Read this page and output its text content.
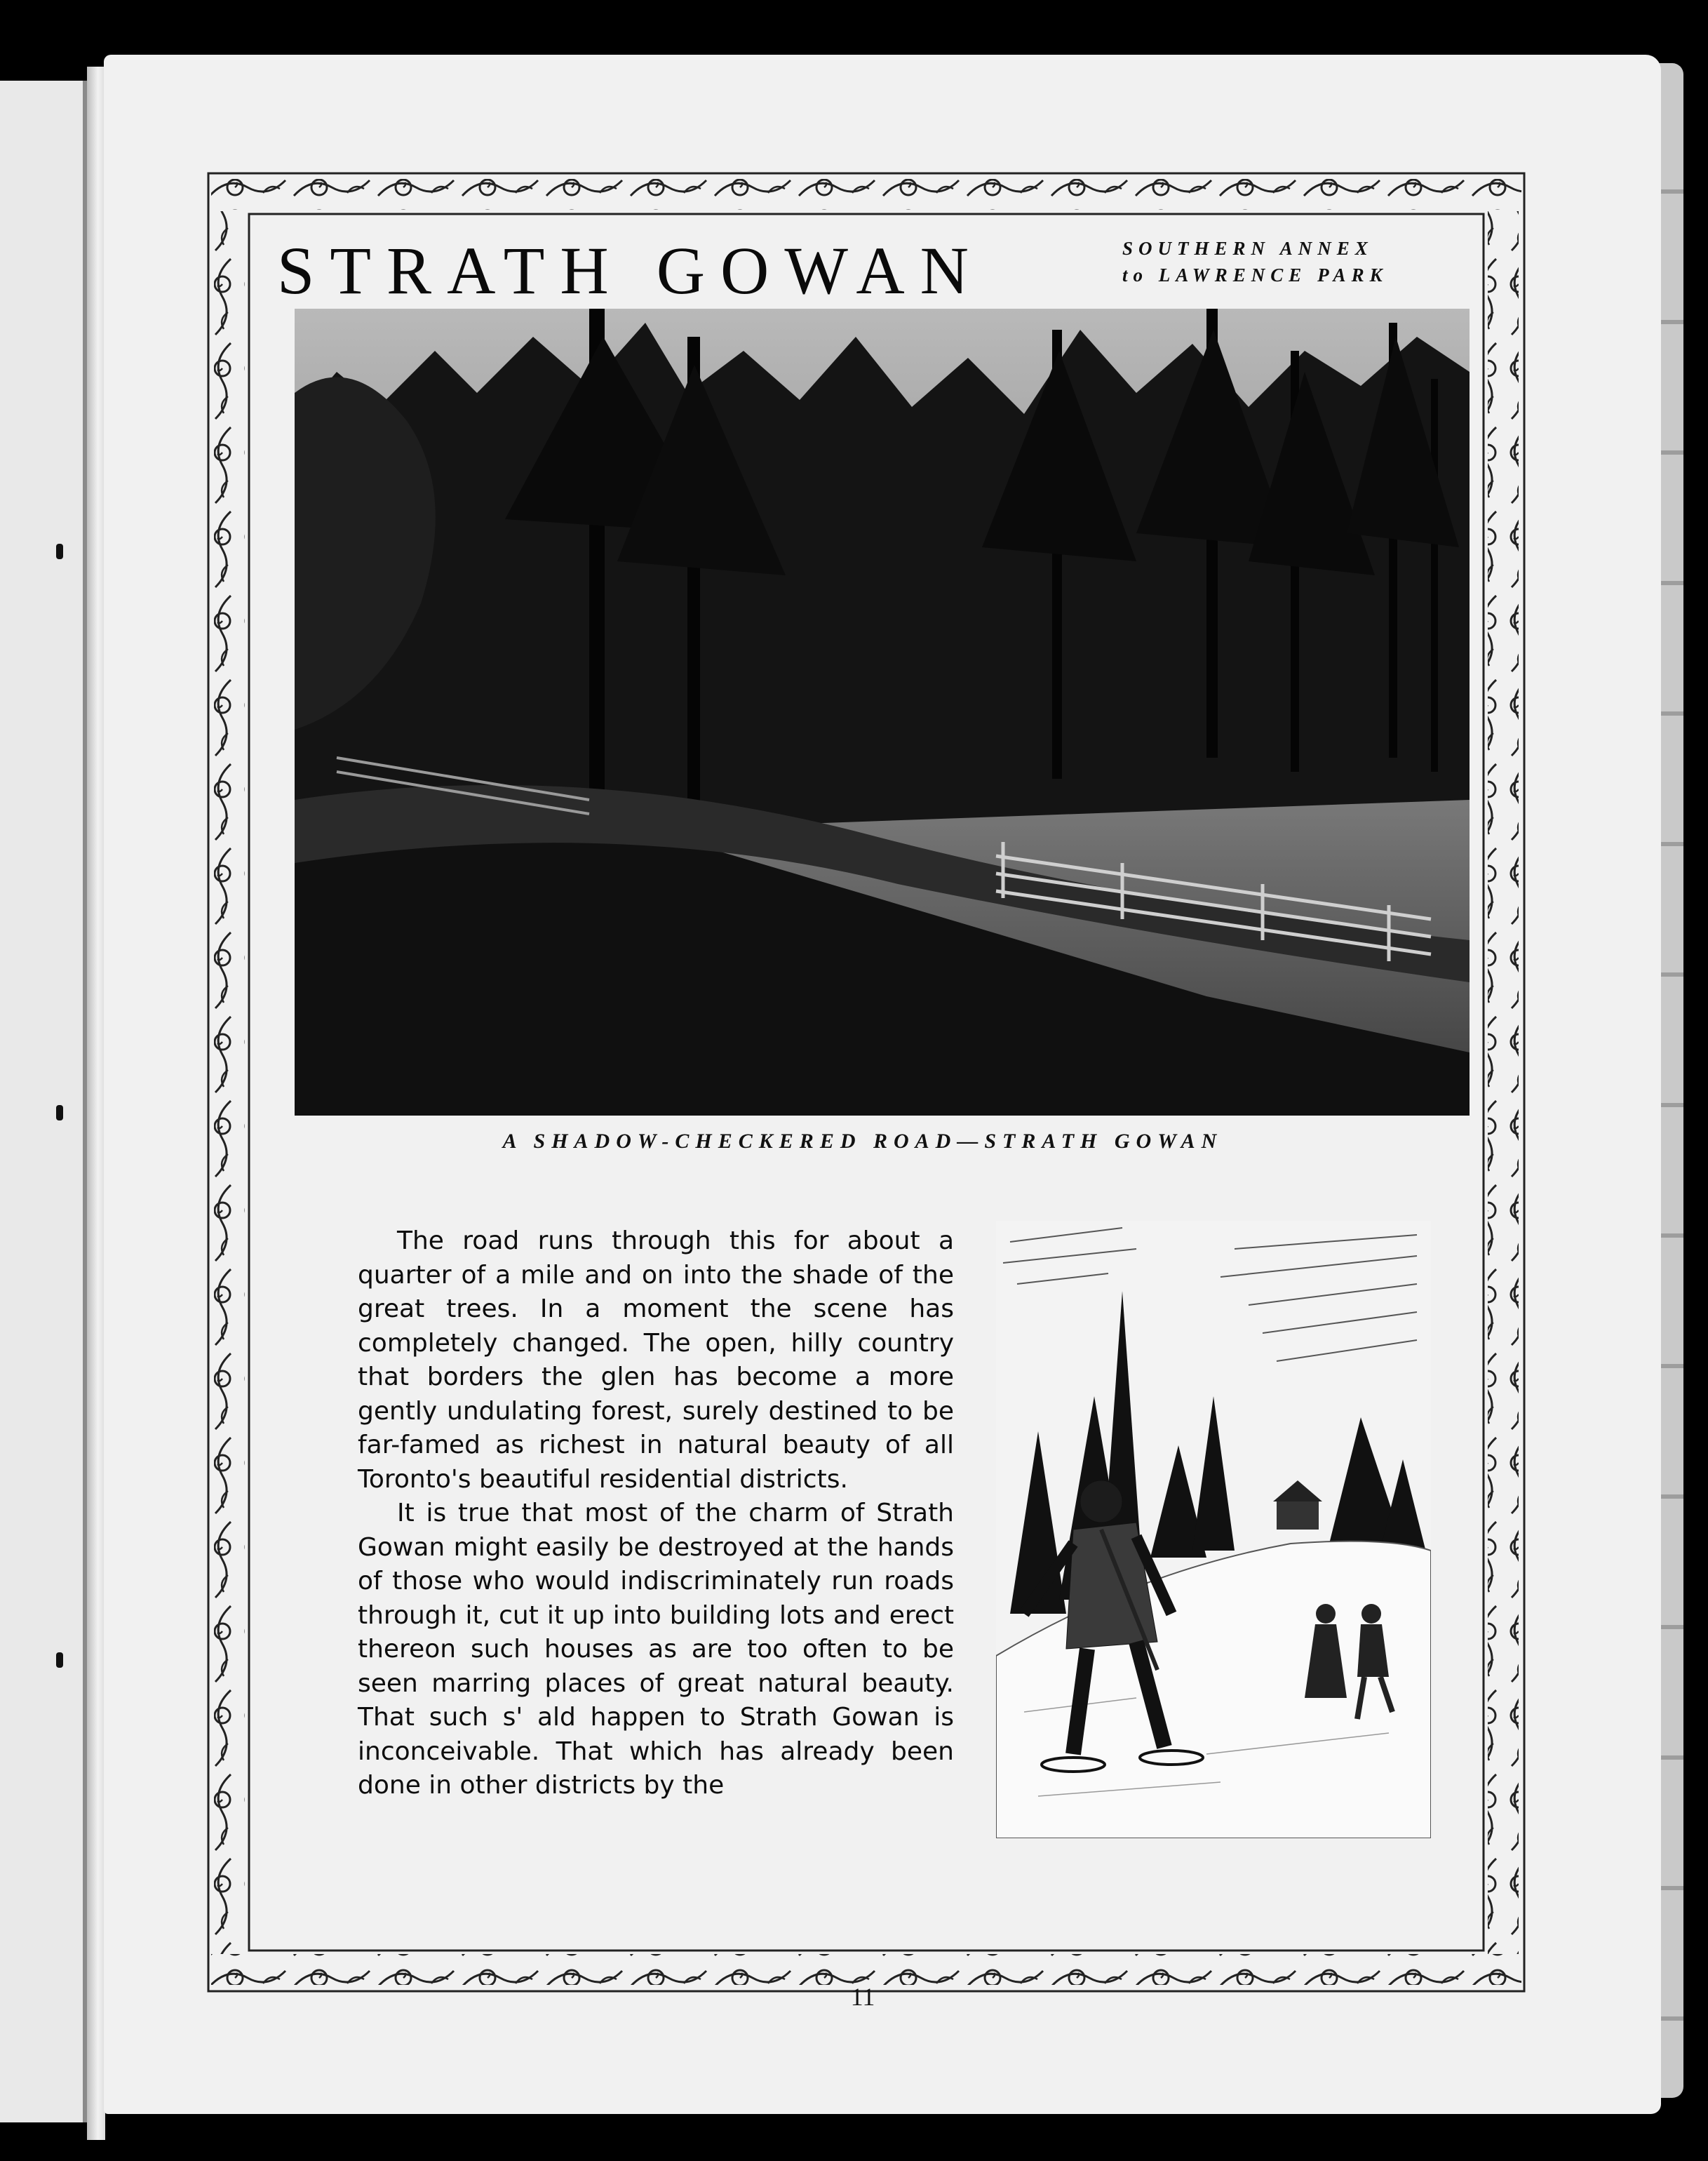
STRATH GOWAN	SOUTHERN ANNEX
to LAWRENCE PARK
A SHADOW-CHECKERED ROAD—STRATH GOWAN

The road runs through this for about a quarter of a mile and on into the shade of the great trees. In a moment the scene has completely changed. The open, hilly country that borders the glen has become a more gently undulating forest, surely destined to be far-famed as richest in natural beauty of all Toronto's beautiful residential districts.

It is true that most of the charm of Strath Gowan might easily be destroyed at the hands of those who would indiscriminately run roads through it, cut it up into building lots and erect thereon such houses as are too often to be seen marring places of great natural beauty. That such s' ald happen to Strath Gowan is inconceivable. That which has already been done in other districts by the

11
